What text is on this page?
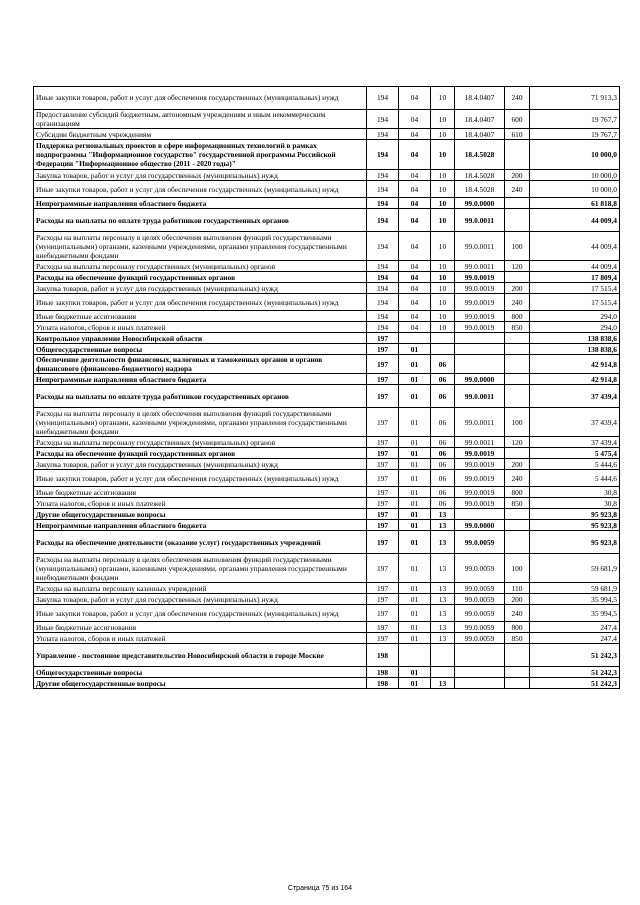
Иные закупки товаров, работ и услуг для обеспечения государственных (муниципальных) нужд	194	04	10	18.4.0407	240	71 913,3
Предоставление субсидий бюджетным, автономным учреждениям и иным некоммерческим организациям	194	04	10	18.4.0407	600	19 767,7
Субсидии бюджетным учреждениям	194	04	10	18.4.0407	610	19 767,7
Поддержка региональных проектов в сфере информационных технологий в рамках подпрограммы "Информационное государство" государственной программы Российской Федерации "Информационное общество (2011 - 2020 годы)"	194	04	10	18.4.5028		10 000,0
Закупка товаров, работ и услуг для государственных (муниципальных) нужд	194	04	10	18.4.5028	200	10 000,0
Иные закупки товаров, работ и услуг для обеспечения государственных (муниципальных) нужд	194	04	10	18.4.5028	240	10 000,0
Непрограммные направления областного бюджета	194	04	10	99.0.0000		61 818,8
Расходы на выплаты по оплате труда работников государственных органов	194	04	10	99.0.0011		44 009,4
Расходы на выплаты персоналу в целях обеспечения выполнения функций государственными (муниципальными) органами, казенными учреждениями, органами управления государственными внебюджетными фондами	194	04	10	99.0.0011	100	44 009,4
Расходы на выплаты персоналу государственных (муниципальных) органов	194	04	10	99.0.0011	120	44 009,4
Расходы на обеспечение функций государственных органов	194	04	10	99.0.0019		17 809,4
Закупка товаров, работ и услуг для государственных (муниципальных) нужд	194	04	10	99.0.0019	200	17 515,4
Иные закупки товаров, работ и услуг для обеспечения государственных (муниципальных) нужд	194	04	10	99.0.0019	240	17 515,4
Иные бюджетные ассигнования	194	04	10	99.0.0019	800	294,0
Уплата налогов, сборов и иных платежей	194	04	10	99.0.0019	850	294,0
Контрольное управление Новосибирской области	197					138 838,6
Общегосударственные вопросы	197	01				138 838,6
Обеспечение деятельности финансовых, налоговых и таможенных органов и органов финансового (финансово-бюджетного) надзора	197	01	06			42 914,8
Непрограммные направления областного бюджета	197	01	06	99.0.0000		42 914,8
Расходы на выплаты по оплате труда работников государственных органов	197	01	06	99.0.0011		37 439,4
Расходы на выплаты персоналу в целях обеспечения выполнения функций государственными (муниципальными) органами, казенными учреждениями, органами управления государственными внебюджетными фондами	197	01	06	99.0.0011	100	37 439,4
Расходы на выплаты персоналу государственных (муниципальных) органов	197	01	06	99.0.0011	120	37 439,4
Расходы на обеспечение функций государственных органов	197	01	06	99.0.0019		5 475,4
Закупка товаров, работ и услуг для государственных (муниципальных) нужд	197	01	06	99.0.0019	200	5 444,6
Иные закупки товаров, работ и услуг для обеспечения государственных (муниципальных) нужд	197	01	06	99.0.0019	240	5 444,6
Иные бюджетные ассигнования	197	01	06	99.0.0019	800	30,8
Уплата налогов, сборов и иных платежей	197	01	06	99.0.0019	850	30,8
Другие общегосударственные вопросы	197	01	13			95 923,8
Непрограммные направления областного бюджета	197	01	13	99.0.0000		95 923,8
Расходы на обеспечение деятельности (оказание услуг) государственных учреждений	197	01	13	99.0.0059		95 923,8
Расходы на выплаты персоналу в целях обеспечения выполнения функций государственными (муниципальными) органами, казенными учреждениями, органами управления государственными внебюджетными фондами	197	01	13	99.0.0059	100	59 681,9
Расходы на выплаты персоналу казенных учреждений	197	01	13	99.0.0059	110	59 681,9
Закупка товаров, работ и услуг для государственных (муниципальных) нужд	197	01	13	99.0.0059	200	35 994,5
Иные закупки товаров, работ и услуг для обеспечения государственных (муниципальных) нужд	197	01	13	99.0.0059	240	35 994,5
Иные бюджетные ассигнования	197	01	13	99.0.0059	800	247,4
Уплата налогов, сборов и иных платежей	197	01	13	99.0.0059	850	247,4
Управление - постоянное представительство Новосибирской области в городе Москве	198					51 242,3
Общегосударственные вопросы	198	01				51 242,3
Другие общегосударственные вопросы	198	01	13			51 242,3
Страница 75 из 164
